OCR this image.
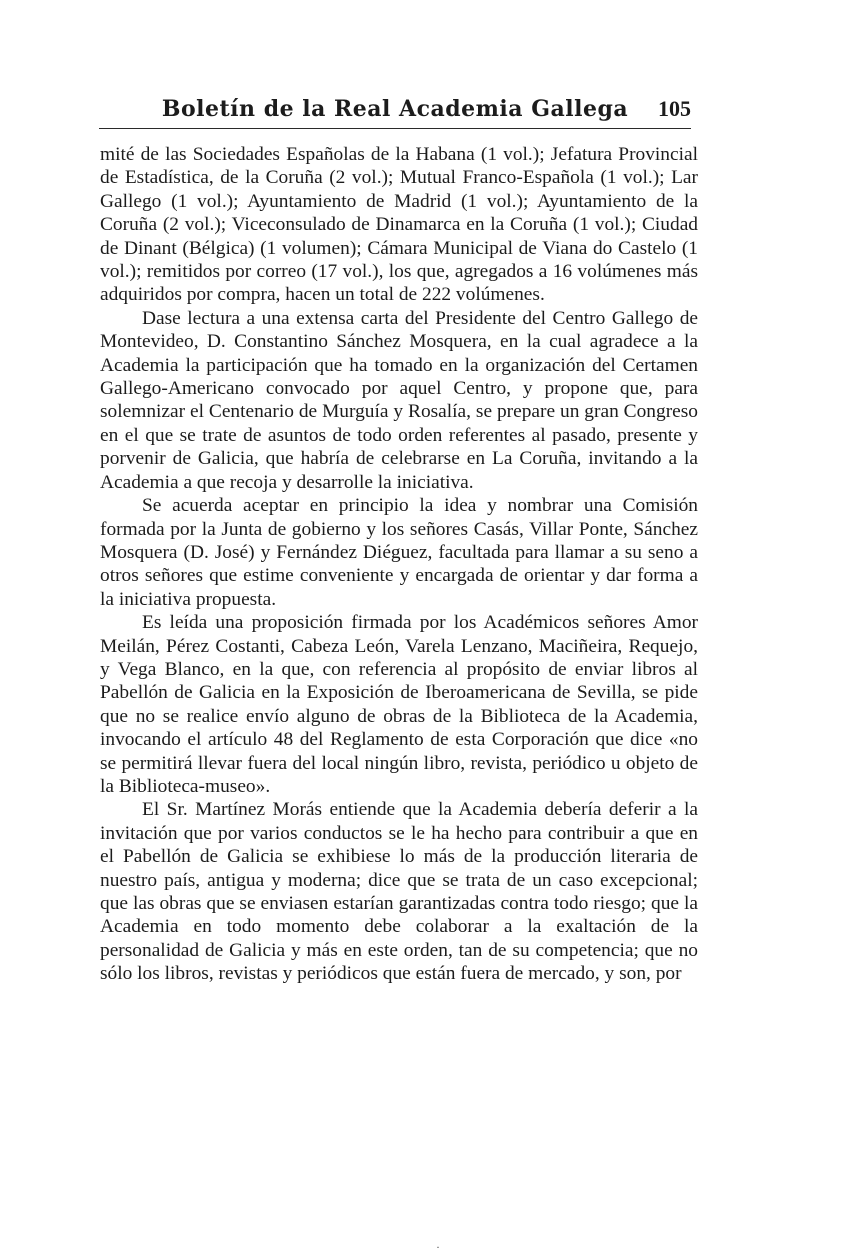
Boletín de la Real Academia Gallega	105

mité de las Sociedades Españolas de la Habana (1 vol.); Jefatura Provincial de Estadística, de la Coruña (2 vol.); Mutual Franco-Española (1 vol.); Lar Gallego (1 vol.); Ayuntamiento de Madrid (1 vol.); Ayuntamiento de la Coruña (2 vol.); Viceconsulado de Dinamarca en la Coruña (1 vol.); Ciudad de Dinant (Bélgica) (1 volumen); Cámara Municipal de Viana do Castelo (1 vol.); remitidos por correo (17 vol.), los que, agregados a 16 volúmenes más adquiridos por compra, hacen un total de 222 volúmenes.

Dase lectura a una extensa carta del Presidente del Centro Gallego de Montevideo, D. Constantino Sánchez Mosquera, en la cual agradece a la Academia la participación que ha tomado en la organización del Certamen Gallego-Americano convocado por aquel Centro, y propone que, para solemnizar el Centenario de Murguía y Rosalía, se prepare un gran Congreso en el que se trate de asuntos de todo orden referentes al pasado, presente y porvenir de Galicia, que habría de celebrarse en La Coruña, invitando a la Academia a que recoja y desarrolle la iniciativa.

Se acuerda aceptar en principio la idea y nombrar una Comisión formada por la Junta de gobierno y los señores Casás, Villar Ponte, Sánchez Mosquera (D. José) y Fernández Diéguez, facultada para llamar a su seno a otros señores que estime conveniente y encargada de orientar y dar forma a la iniciativa propuesta.

Es leída una proposición firmada por los Académicos señores Amor Meilán, Pérez Costanti, Cabeza León, Varela Lenzano, Maciñeira, Requejo, y Vega Blanco, en la que, con referencia al propósito de enviar libros al Pabellón de Galicia en la Exposición de Iberoamericana de Sevilla, se pide que no se realice envío alguno de obras de la Biblioteca de la Academia, invocando el artículo 48 del Reglamento de esta Corporación que dice «no se permitirá llevar fuera del local ningún libro, revista, periódico u objeto de la Biblioteca-museo».

El Sr. Martínez Morás entiende que la Academia debería deferir a la invitación que por varios conductos se le ha hecho para contribuir a que en el Pabellón de Galicia se exhibiese lo más de la producción literaria de nuestro país, antigua y moderna; dice que se trata de un caso excepcional; que las obras que se enviasen estarían garantizadas contra todo riesgo; que la Academia en todo momento debe colaborar a la exaltación de la personalidad de Galicia y más en este orden, tan de su competencia; que no sólo los libros, revistas y periódicos que están fuera de mercado, y son, por

·
